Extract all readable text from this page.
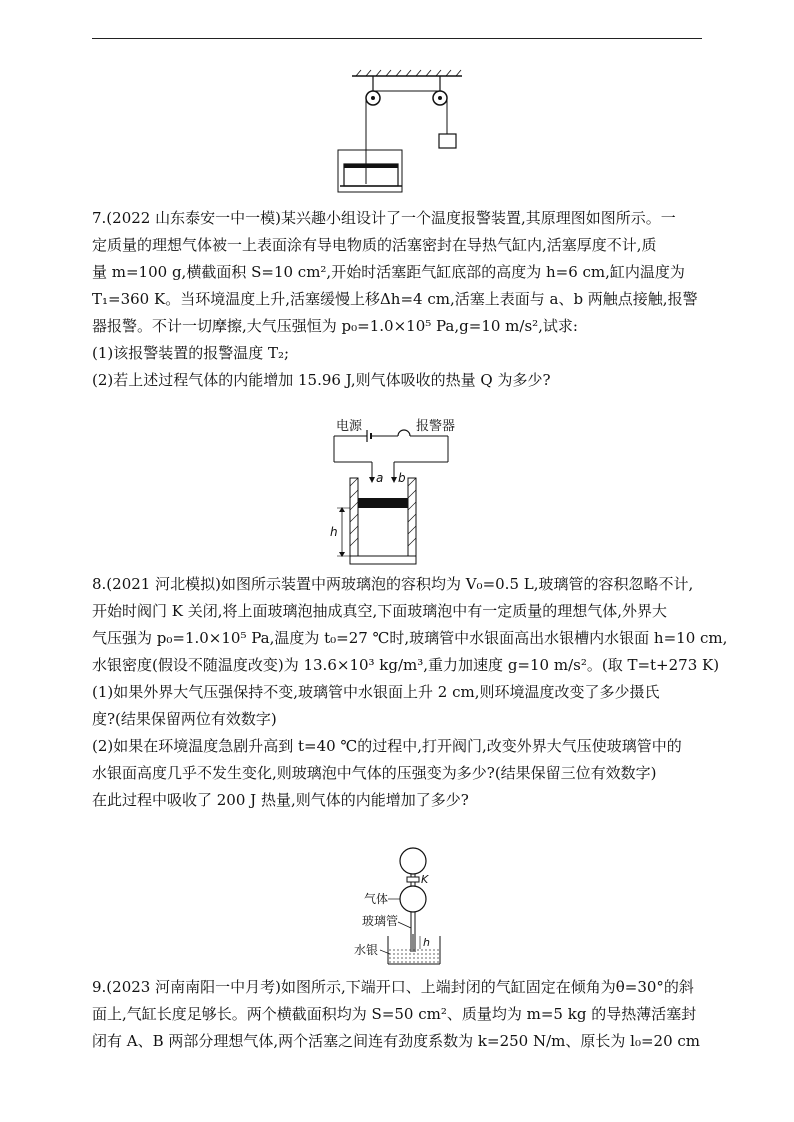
7.(2022 山东泰安一中一模)某兴趣小组设计了一个温度报警装置,其原理图如图所示。一
定质量的理想气体被一上表面涂有导电物质的活塞密封在导热气缸内,活塞厚度不计,质
量 m=100 g,横截面积 S=10 cm²,开始时活塞距气缸底部的高度为 h=6 cm,缸内温度为
T₁=360 K。当环境温度上升,活塞缓慢上移Δh=4 cm,活塞上表面与 a、b 两触点接触,报警
器报警。不计一切摩擦,大气压强恒为 p₀=1.0×10⁵ Pa,g=10 m/s²,试求:
(1)该报警装置的报警温度 T₂;
(2)若上述过程气体的内能增加 15.96 J,则气体吸收的热量 Q 为多少?

电源	报警器
a b
h

8.(2021 河北模拟)如图所示装置中两玻璃泡的容积均为 V₀=0.5 L,玻璃管的容积忽略不计,
开始时阀门 K 关闭,将上面玻璃泡抽成真空,下面玻璃泡中有一定质量的理想气体,外界大
气压强为 p₀=1.0×10⁵ Pa,温度为 t₀=27 ℃时,玻璃管中水银面高出水银槽内水银面 h=10 cm,
水银密度(假设不随温度改变)为 13.6×10³ kg/m³,重力加速度 g=10 m/s²。(取 T=t+273 K)
(1)如果外界大气压强保持不变,玻璃管中水银面上升 2 cm,则环境温度改变了多少摄氏
度?(结果保留两位有效数字)
(2)如果在环境温度急剧升高到 t=40 ℃的过程中,打开阀门,改变外界大气压使玻璃管中的
水银面高度几乎不发生变化,则玻璃泡中气体的压强变为多少?(结果保留三位有效数字)
在此过程中吸收了 200 J 热量,则气体的内能增加了多少?

K
气体
玻璃管
h
水银

9.(2023 河南南阳一中月考)如图所示,下端开口、上端封闭的气缸固定在倾角为θ=30°的斜
面上,气缸长度足够长。两个横截面积均为 S=50 cm²、质量均为 m=5 kg 的导热薄活塞封
闭有 A、B 两部分理想气体,两个活塞之间连有劲度系数为 k=250 N/m、原长为 l₀=20 cm
